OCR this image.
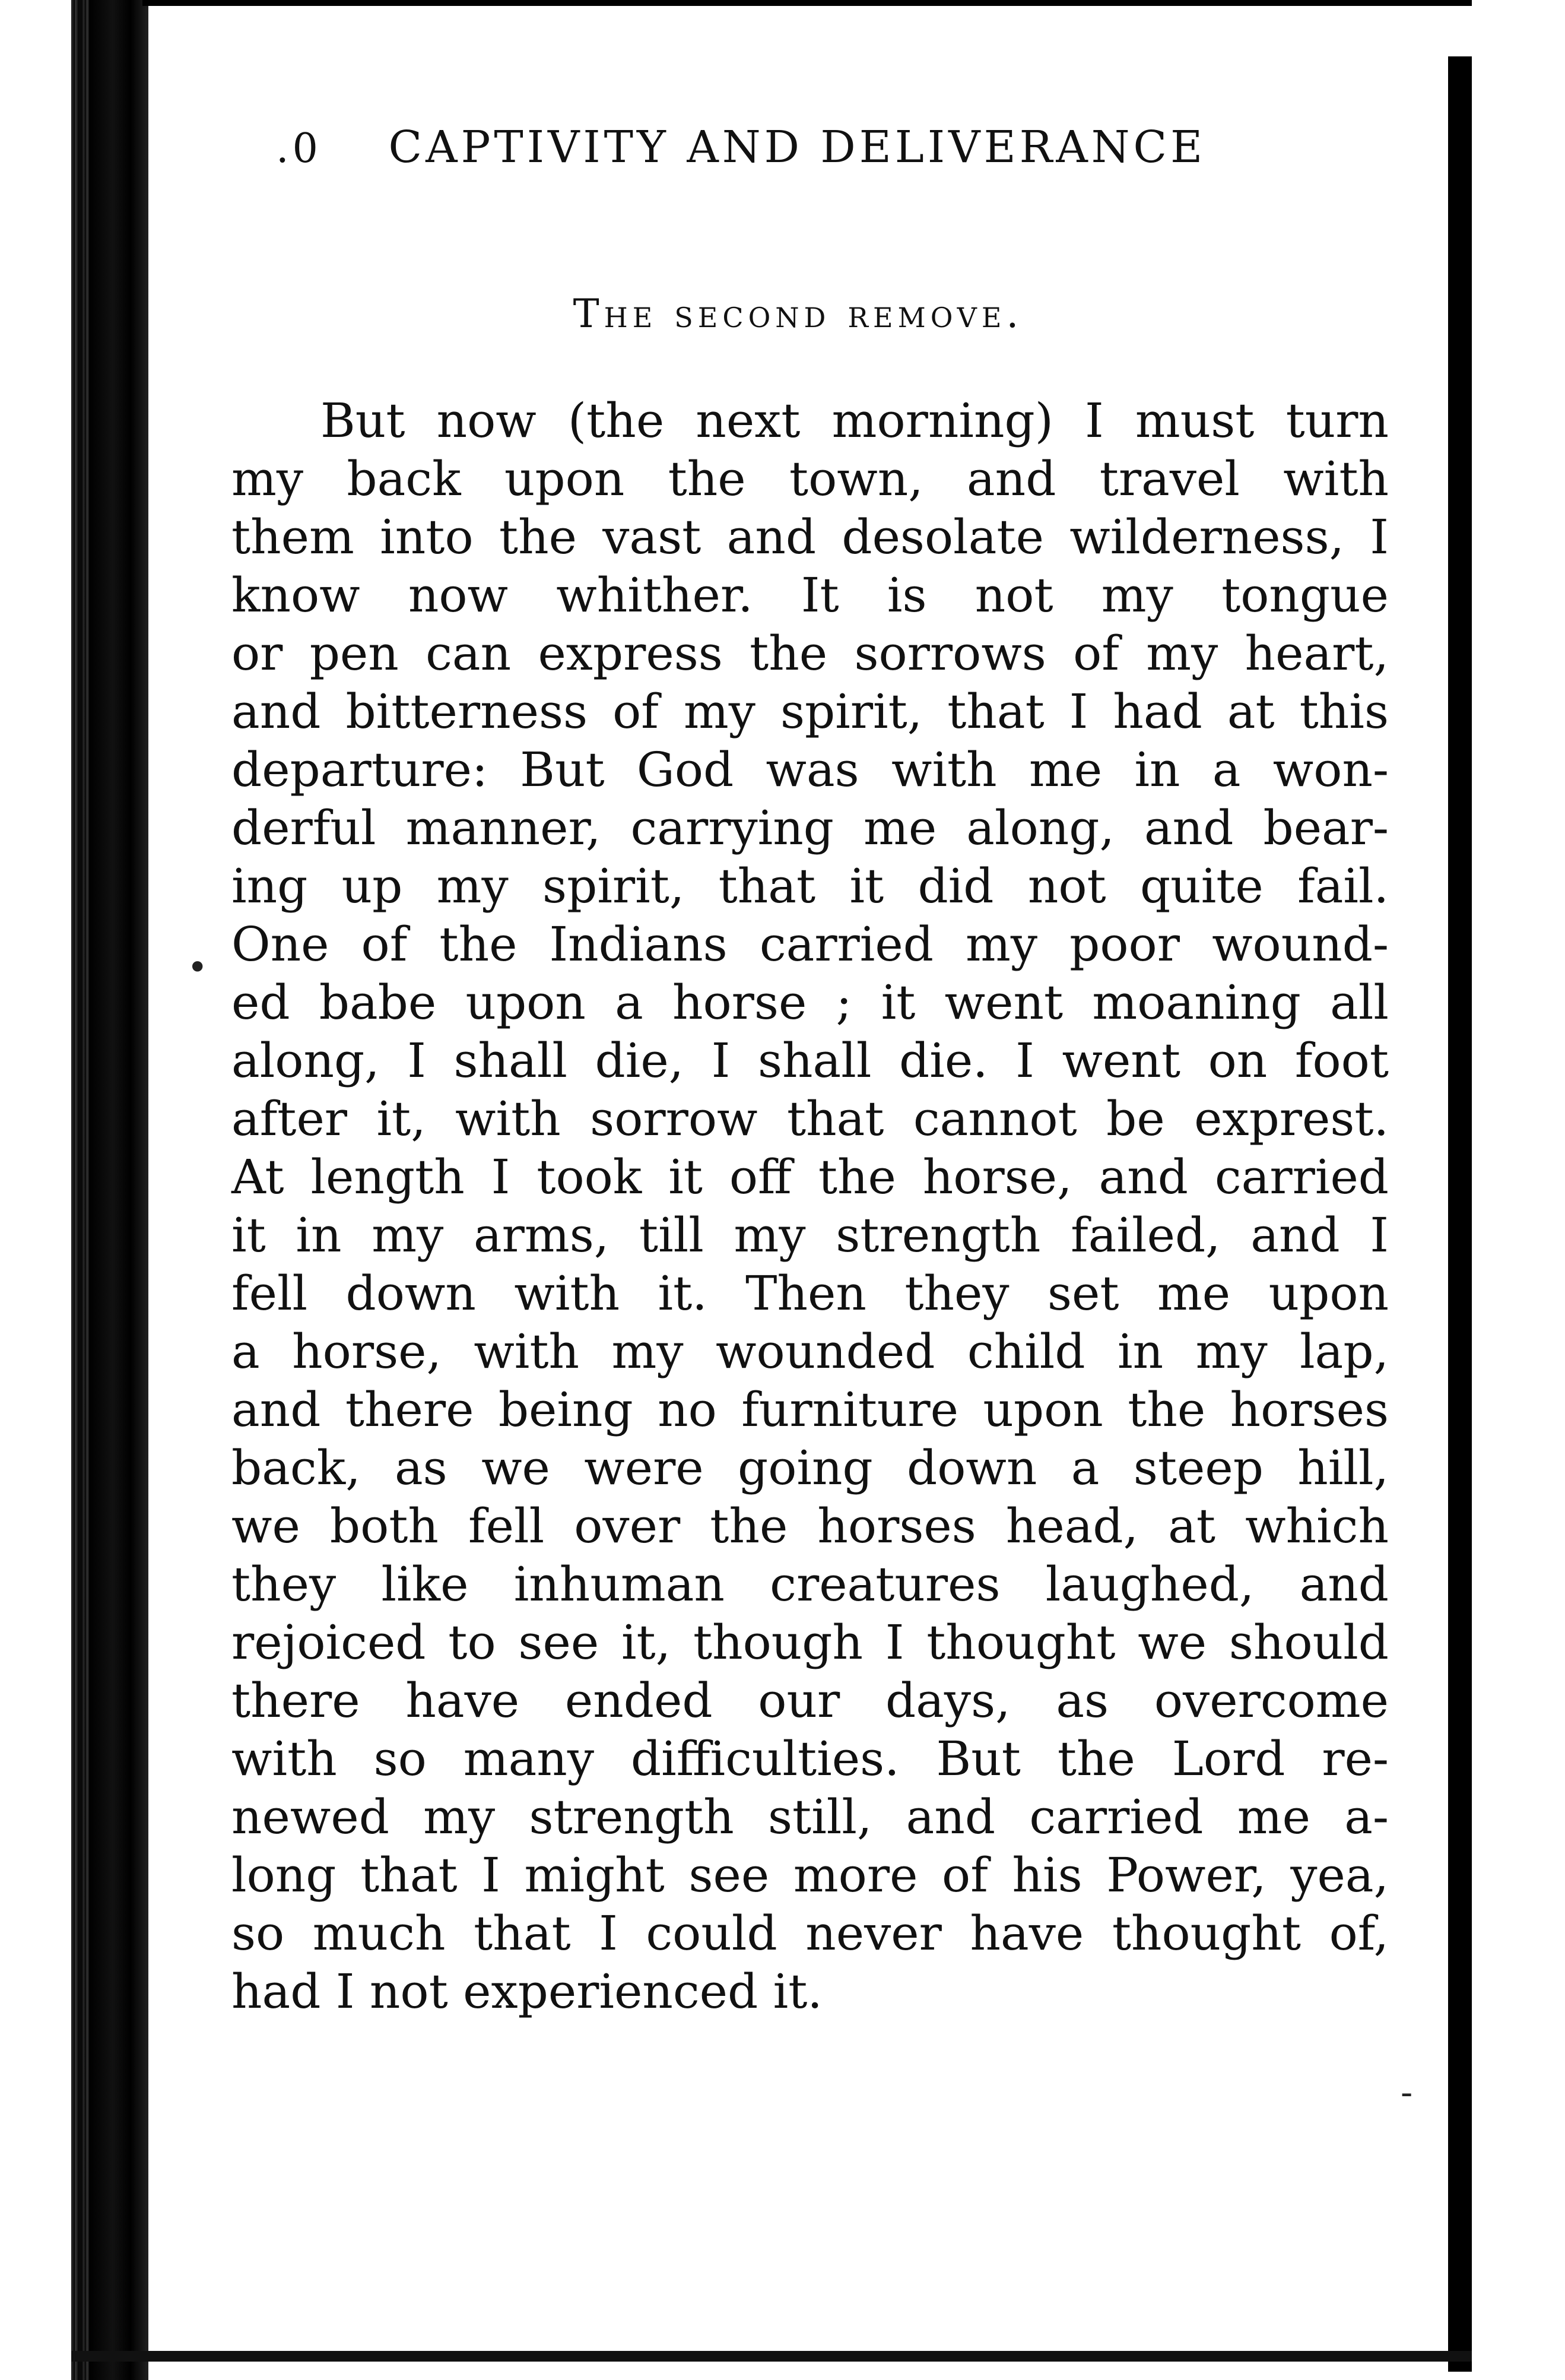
.0 CAPTIVITY AND DELIVERANCE
The second remove.
But now (the next morning) I must turn
my back upon the town, and travel with
them into the vast and desolate wilderness, I
know now whither. It is not my tongue
or pen can express the sorrows of my heart,
and bitterness of my spirit, that I had at this
departure: But God was with me in a won-
derful manner, carrying me along, and bear-
ing up my spirit, that it did not quite fail.
One of the Indians carried my poor wound-
ed babe upon a horse ; it went moaning all
along, I shall die, I shall die. I went on foot
after it, with sorrow that cannot be exprest.
At length I took it off the horse, and carried
it in my arms, till my strength failed, and I
fell down with it. Then they set me upon
a horse, with my wounded child in my lap,
and there being no furniture upon the horses
back, as we were going down a steep hill,
we both fell over the horses head, at which
they like inhuman creatures laughed, and
rejoiced to see it, though I thought we should
there have ended our days, as overcome
with so many difficulties. But the Lord re-
newed my strength still, and carried me a-
long that I might see more of his Power, yea,
so much that I could never have thought of,
had I not experienced it.
•
-
